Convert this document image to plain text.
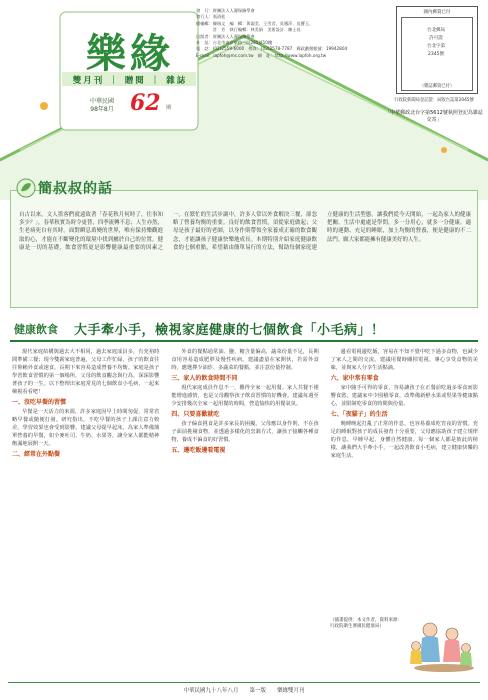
樂緣
雙月刊 ｜ 贈閱 ｜ 雜誌
中華民國
98年8月 62 期
發　行：財團法人人壽保險學會
發行人：張清松
總編輯：陳瑞文　編　輯：黃淑美、王雪君、吳鳳萍、吳寶玉、
　　　　許　芳　執行編輯：林美娟　美術設計：陳士昌
出版者：財團法人人壽保險學會
社　址：台北市南京東路三段285號10樓
電　話：(02)2559-6000　傳真：(02)2578-7787　郵政劃撥帳號：19942804
E-mail：lapfoh@ms.com.tw　網　址：http://www.lapfoh.org.tw
國內郵資已付
台北郵局
許可證
台北字第
2345號
（雜誌郵資已付）
行政院新聞局登記證：局版台誌第2045號
「中華郵政北台字第5612號執照登記為雜誌交寄」
自古以來，文人墨客們就遠致著「春花秋月何時了，往事知多少？」，春華秋實為時令更替，四季流轉不息；人生亦然，生老病死自有其時。面對瞬息萬變的世界，唯有保持樂觀進取的心，才能在不斷變化的環境中找到屬於自己的位置。健康是一切的基礎，飲食習慣更是影響健康最重要的因素之一。在繁忙的生活步調中，許多人常以外食解決三餐，卻忽略了營養均衡的重要。良好的飲食習慣，須從家庭做起；父母是孩子最好的老師，以身作則帶領全家養成正確的飲食觀念，才能讓孩子健康快樂地成長。本期特別介紹家庭健康飲食的七個重點，希望藉由簡單易行的方法，幫助每個家庭建立健康的生活型態。讓我們從今天開始，一起為家人的健康把關。生活中處處是學問，多一分用心，就多一分健康。適時的運動、充足的睡眠，加上均衡的營養，便是健康的不二法門。願大家都能擁有健康美好的人生。
簡叔叔的話
健康飲食 大手牽小手，檢視家庭健康的七個飲食「小毛病」！

現代家庭結構與過去大不相同，過去家庭成員多，有充裕時間準備三餐；現今雙薪家庭普遍，父母工作忙碌，孩子的飲食往往仰賴外食或速食，長期下來容易造成營養不均衡。家庭是孩子學習飲食習慣的第一個場所，父母的飲食觀念與行為，深深影響著孩子的一生。以下整理出家庭常見的七個飲食小毛病，一起來檢視看看吧！

一、沒吃早餐的習慣

早餐是一天活力的來源，許多家庭因早上時間匆促，常常省略早餐或隨便打發。研究指出，不吃早餐的孩子上課注意力較差，學習效果也會受到影響。建議父母提早起床，為家人準備簡單營養的早餐，如全麥吐司、牛奶、水果等，讓全家人都能精神飽滿地展開一天。

二、經常在外點餐

外食的餐點通常油、鹽、糖含量偏高，蔬菜份量不足，長期食用容易造成肥胖及慢性疾病。建議盡量在家開伙，若需外食時，應選擇少油炸、多蔬菜的餐點，並注意份量控制。

三、家人的飲食時間不同

現代家庭成員作息不一，難得全家一起用餐。家人共餐不僅能增進感情，也是父母觀察孩子飲食習慣的好機會。建議每週至少安排幾次全家一起用餐的時間，營造愉快的用餐氣氛。

四、只要喜歡就吃

孩子偏食挑食是許多家長的困擾。父母應以身作則，不在孩子面前挑剔食物，並透過多樣化的烹調方式，讓孩子接觸各種食物，養成不偏食的好習慣。

五、邊吃飯邊看電視

邊看電視邊吃飯，容易在不知不覺中吃下過多食物，也減少了家人之間的交流。建議用餐時關掉電視，專心享受食物的美味，並與家人分享生活點滴。

六、家中常有零食

家中隨手可得的零食，容易讓孩子在正餐前吃過多零食而影響食慾。建議家中少囤積零食，改準備新鮮水果或堅果等健康點心，並限制吃零食的時間與份量。

七、「夜貓子」的生活

晚睡晚起打亂了正常的作息，也容易養成吃宵夜的習慣。充足的睡眠對孩子的成長發育十分重要，父母應協助孩子建立規律的作息，早睡早起，身體自然健康。每一個家人都是彼此的榜樣，讓我們大手牽小手，一起改善飲食小毛病，建立健康快樂的家庭生活。

（插畫提供：本文作者，資料來源：行政院衛生署國民健康局）
中華民國九十八年八月　　第一版　　樂緣雙月刊
